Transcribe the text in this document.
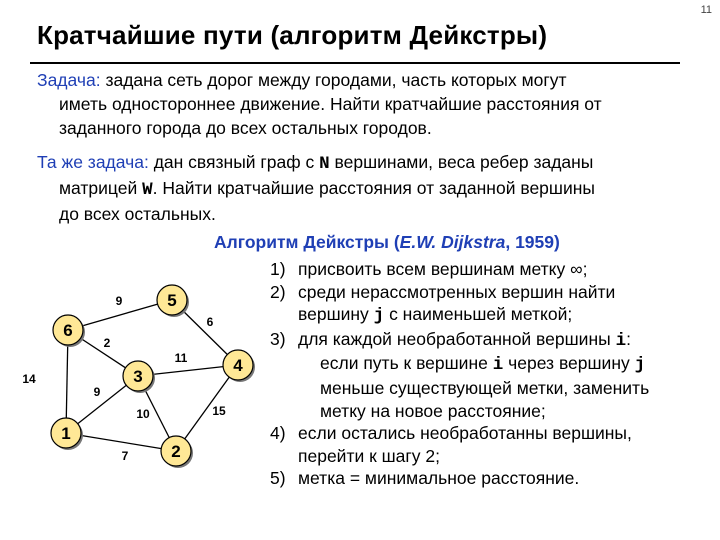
11
Кратчайшие пути (алгоритм Дейкстры)
Задача: задана сеть дорог между городами, часть которых могут
иметь одностороннее движение. Найти кратчайшие расстояния от
заданного города до всех остальных городов.
Та же задача: дан связный граф с N вершинами, веса ребер заданы
матрицей W. Найти кратчайшие расстояния от заданной вершины
до всех остальных.
Алгоритм Дейкстры (E.W. Dijkstra, 1959)
1) присвоить всем вершинам метку ∞;
2) среди нерассмотренных вершин найти
вершину j с наименьшей меткой;
3) для каждой необработанной вершины i:
если путь к вершине i через вершину j
меньше существующей метки, заменить
метку на новое расстояние;
4) если остались необработанны вершины,
перейти к шагу 2;
5) метка = минимальное расстояние.
9
6
2
14
11
9
10
7
15
1
2
3
4
5
6
